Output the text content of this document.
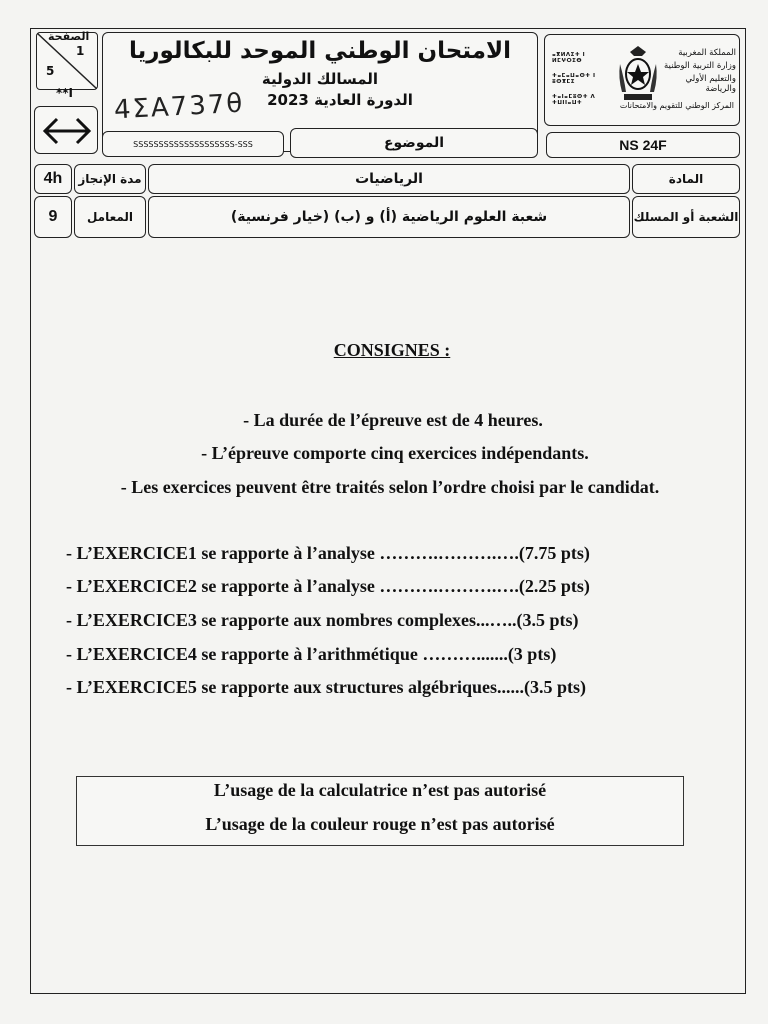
الصفحة
1
5
**I
الامتحان الوطني الموحد للبكالوريا
المسالك الدولية
الدورة العادية 2023
4ΣA737θ
ⴰⴳⵍⴷⵉⵜ ⵏ ⵍⵎⵖⵔⵉⴱ
ⵜⴰⵎⴰⵡⴰⵙⵜ ⵏ ⵓⵙⴳⵎⵉ
ⵜⴰⵏⴰⵎⵓⵙⵜ ⴷ ⵜⵡⵏⵏⴰⵡⵜ
المملكة المغربية
وزارة التربية الوطنية
والتعليم الأولي والرياضة
المركز الوطني للتقويم والامتحانات
SSSSSSSSSSSSSSSSSSSS-SSS	الموضوع	NS 24F
4h	مدة الإنجاز	الرياضيات	المادة
9	المعامل	شعبة العلوم الرياضية (أ) و (ب) (خيار فرنسية)	الشعبة أو المسلك
CONSIGNES :
- La durée de l’épreuve est de 4 heures.
- L’épreuve comporte cinq exercices indépendants.
- Les exercices peuvent être traités selon l’ordre choisi par le candidat.
- L’EXERCICE1 se rapporte à l’analyse ……….……….….(7.75 pts)
- L’EXERCICE2 se rapporte à l’analyse ……….……….….(2.25 pts)
- L’EXERCICE3 se rapporte aux nombres complexes...…..(3.5 pts)
- L’EXERCICE4 se rapporte à l’arithmétique ……….......(3 pts)
- L’EXERCICE5 se rapporte aux structures algébriques......(3.5 pts)
L’usage de la calculatrice n’est pas autorisé
L’usage de la couleur rouge n’est pas autorisé
